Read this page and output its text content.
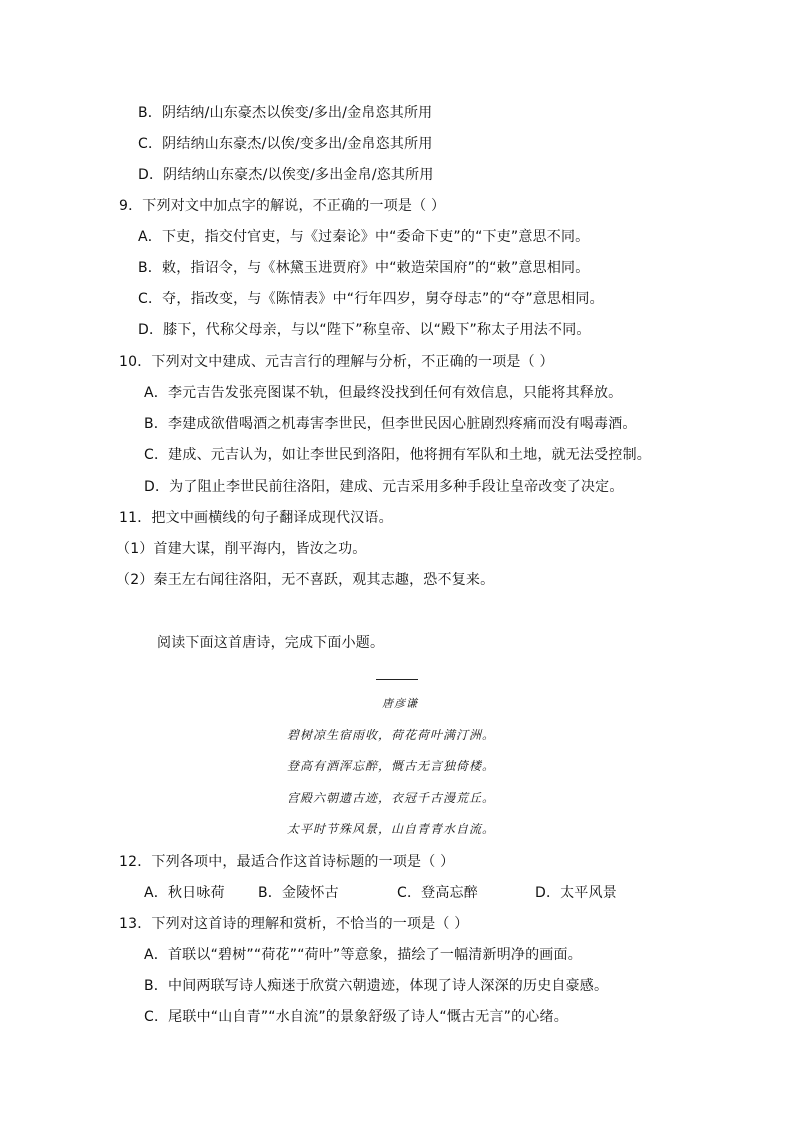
B．阴结纳/山东豪杰以俟变/多出/金帛恣其所用
C．阴结纳山东豪杰/以俟/变多出/金帛恣其所用
D．阴结纳山东豪杰/以俟变/多出金帛/恣其所用
9．下列对文中加点字的解说，不正确的一项是（ ）
A．下吏，指交付官吏，与《过秦论》中“委命下吏”的“下吏”意思不同。
B．敕，指诏令，与《林黛玉进贾府》中“敕造荣国府”的“敕”意思相同。
C．夺，指改变，与《陈情表》中“行年四岁，舅夺母志”的“夺”意思相同。
D．膝下，代称父母亲，与以“陛下”称皇帝、以“殿下”称太子用法不同。
10．下列对文中建成、元吉言行的理解与分析，不正确的一项是（ ）
A．李元吉告发张亮图谋不轨，但最终没找到任何有效信息，只能将其释放。
B．李建成欲借喝酒之机毒害李世民，但李世民因心脏剧烈疼痛而没有喝毒酒。
C．建成、元吉认为，如让李世民到洛阳，他将拥有军队和土地，就无法受控制。
D．为了阻止李世民前往洛阳，建成、元吉采用多种手段让皇帝改变了决定。
11．把文中画横线的句子翻译成现代汉语。
（1）首建大谋，削平海内，皆汝之功。
（2）秦王左右闻往洛阳，无不喜跃，观其志趣，恐不复来。
阅读下面这首唐诗，完成下面小题。
唐彦谦
碧树凉生宿雨收，荷花荷叶满汀洲。
登高有酒浑忘醉，慨古无言独倚楼。
宫殿六朝遗古迹，衣冠千古漫荒丘。
太平时节殊风景，山自青青水自流。
12．下列各项中，最适合作这首诗标题的一项是（ ）
A．秋日咏荷 B．金陵怀古	C．登高忘醉	D．太平风景
13．下列对这首诗的理解和赏析，不恰当的一项是（ ）
A．首联以“碧树”“荷花”“荷叶”等意象，描绘了一幅清新明净的画面。
B．中间两联写诗人痴迷于欣赏六朝遗迹，体现了诗人深深的历史自豪感。
C．尾联中“山自青”“水自流”的景象舒级了诗人“慨古无言”的心绪。
